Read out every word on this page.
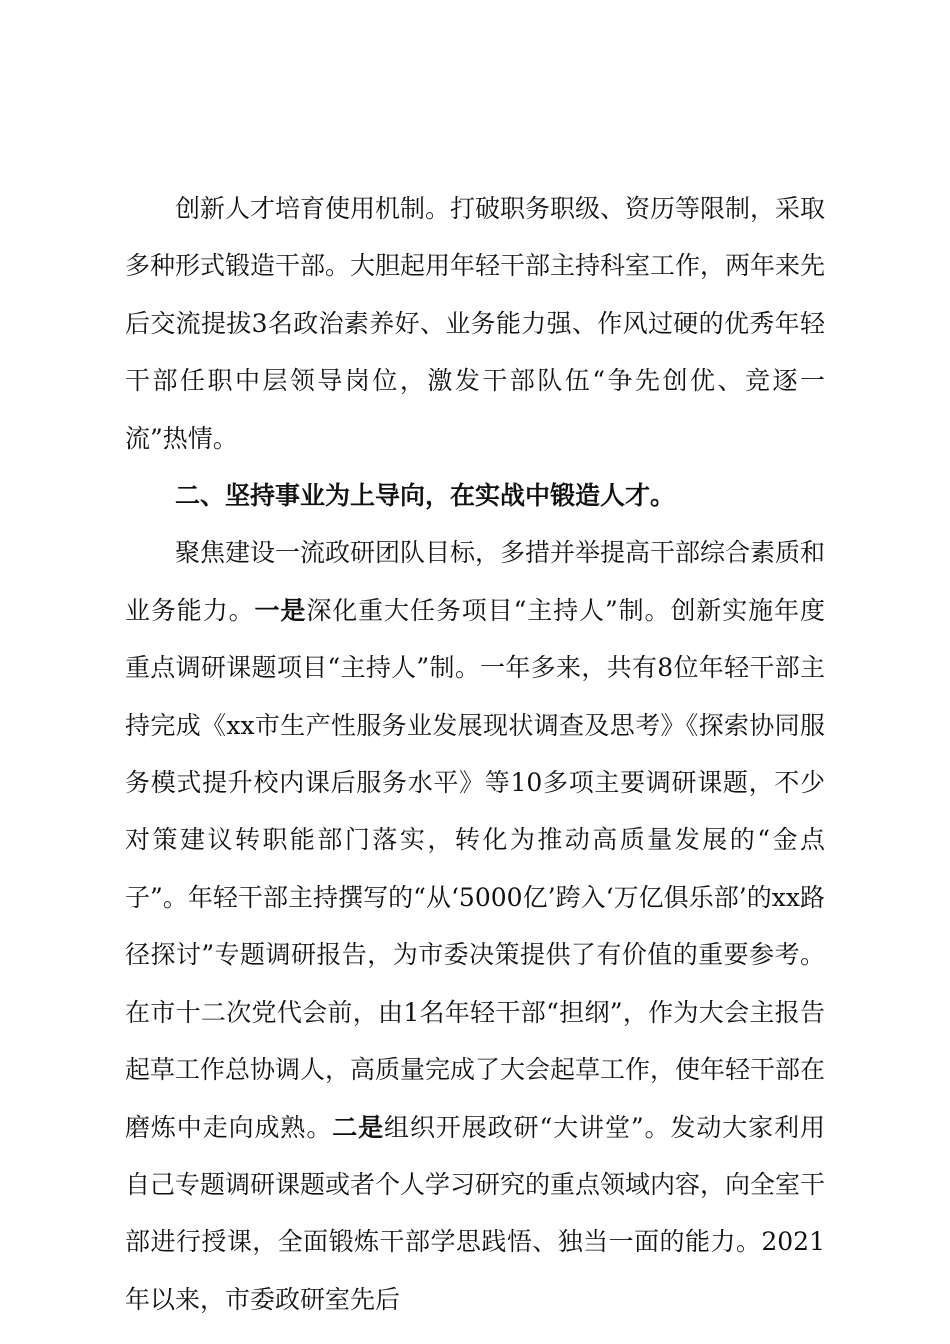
创新人才培育使用机制。打破职务职级、资历等限制，采取多种形式锻造干部。大胆起用年轻干部主持科室工作，两年来先后交流提拔3名政治素养好、业务能力强、作风过硬的优秀年轻干部任职中层领导岗位，激发干部队伍“争先创优、竞逐一流”热情。

二、坚持事业为上导向，在实战中锻造人才。

聚焦建设一流政研团队目标，多措并举提高干部综合素质和业务能力。一是深化重大任务项目“主持人”制。创新实施年度重点调研课题项目“主持人”制。一年多来，共有8位年轻干部主持完成《xx市生产性服务业发展现状调查及思考》《探索协同服务模式提升校内课后服务水平》等10多项主要调研课题，不少对策建议转职能部门落实，转化为推动高质量发展的“金点子”。年轻干部主持撰写的“从‘5000亿’跨入‘万亿俱乐部’的xx路径探讨”专题调研报告，为市委决策提供了有价值的重要参考。在市十二次党代会前，由1名年轻干部“担纲”，作为大会主报告起草工作总协调人，高质量完成了大会起草工作，使年轻干部在磨炼中走向成熟。二是组织开展政研“大讲堂”。发动大家利用自己专题调研课题或者个人学习研究的重点领域内容，向全室干部进行授课，全面锻炼干部学思践悟、独当一面的能力。2021年以来，市委政研室先后
